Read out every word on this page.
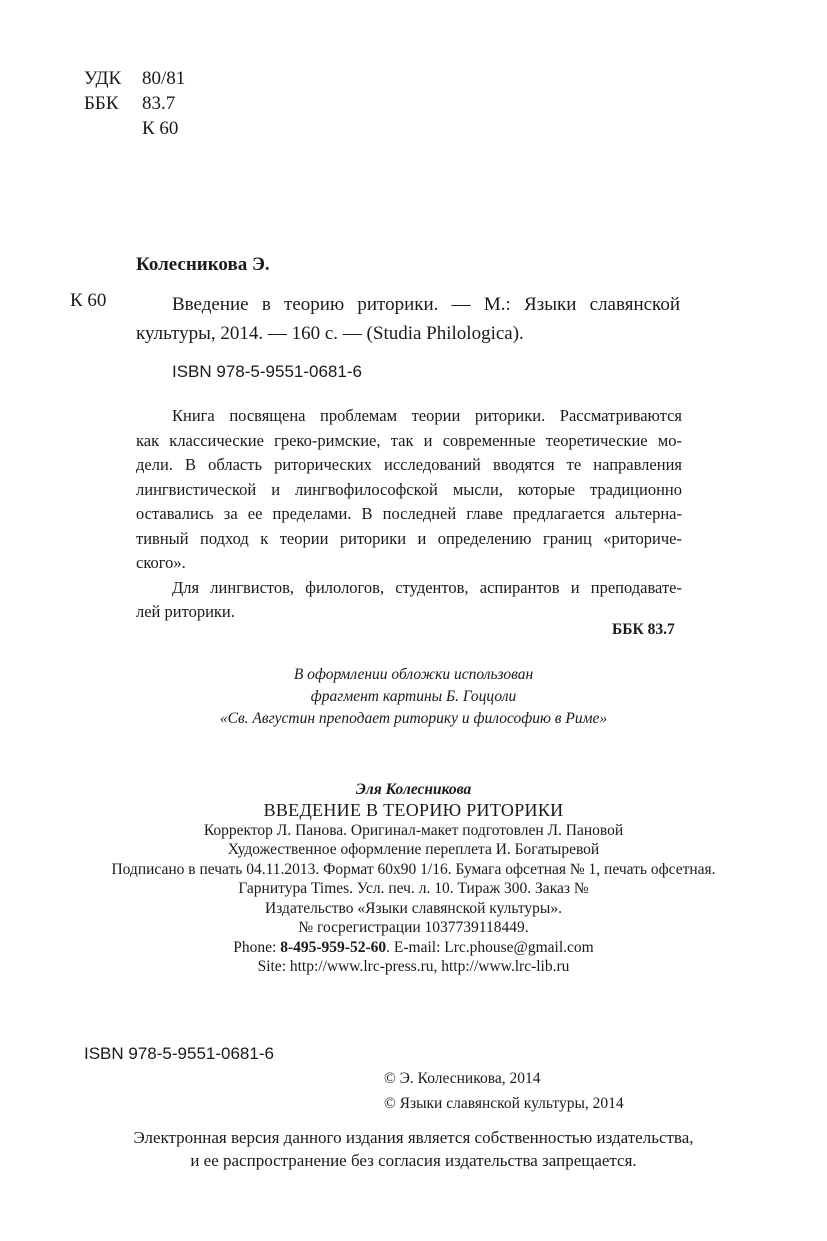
УДК 80/81
ББК 83.7
К 60
Колесникова Э.
К 60	Введение в теорию риторики. — М.: Языки славянской
культуры, 2014. — 160 с. — (Studia Philologica).
ISBN 978-5-9551-0681-6
Книга посвящена проблемам теории риторики. Рассматриваются
как классические греко-римские, так и современные теоретические мо-
дели. В область риторических исследований вводятся те направления
лингвистической и лингвофилософской мысли, которые традиционно
оставались за ее пределами. В последней главе предлагается альтерна-
тивный подход к теории риторики и определению границ «риториче-
ского».
Для лингвистов, филологов, студентов, аспирантов и преподавате-
лей риторики.
ББК 83.7
В оформлении обложки использован
фрагмент картины Б. Гоццоли
«Св. Августин преподает риторику и философию в Риме»
Эля Колесникова
ВВЕДЕНИЕ В ТЕОРИЮ РИТОРИКИ
Корректор Л. Панова. Оригинал-макет подготовлен Л. Пановой
Художественное оформление переплета И. Богатыревой
Подписано в печать 04.11.2013. Формат 60х90 1/16. Бумага офсетная № 1, печать офсетная.
Гарнитура Times. Усл. печ. л. 10. Тираж 300. Заказ №
Издательство «Языки славянской культуры».
№ госрегистрации 1037739118449.
Phone: 8-495-959-52-60. E-mail: Lrc.phouse@gmail.com
Site: http://www.lrc-press.ru, http://www.lrc-lib.ru
ISBN 978-5-9551-0681-6
© Э. Колесникова, 2014
© Языки славянской культуры, 2014
Электронная версия данного издания является собственностью издательства,
и ее распространение без согласия издательства запрещается.
